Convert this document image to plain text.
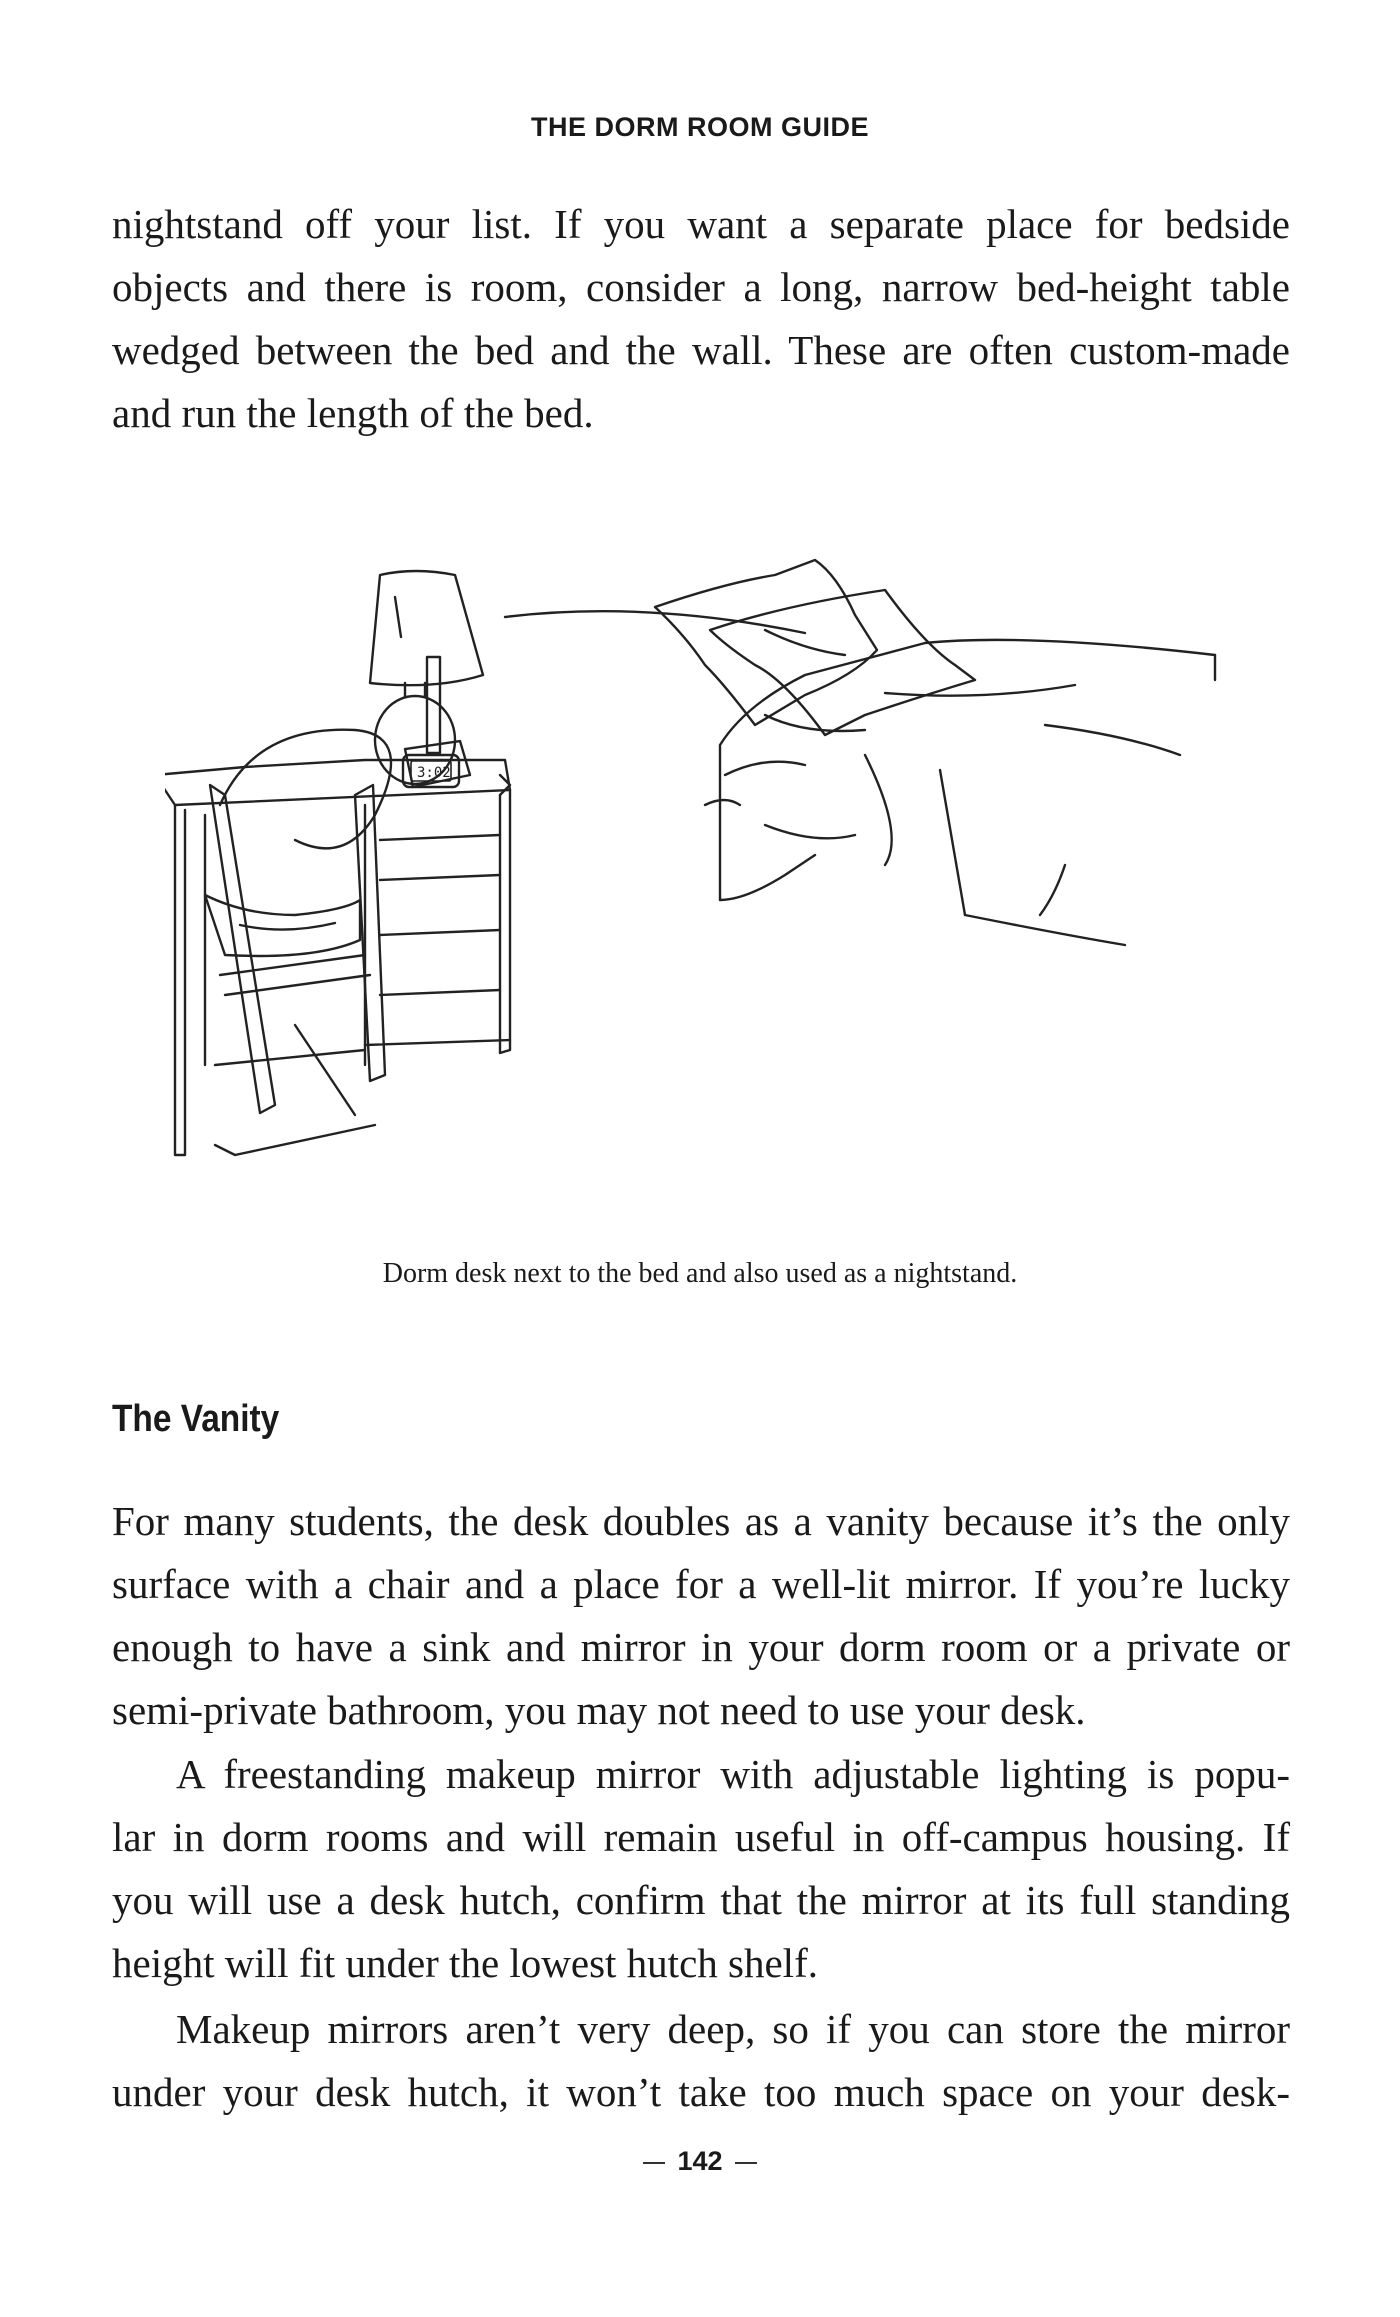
THE DORM ROOM GUIDE
nightstand off your list. If you want a separate place for bedside
objects and there is room, consider a long, narrow bed-height table
wedged between the bed and the wall. These are often custom-made
and run the length of the bed.
3:02
Dorm desk next to the bed and also used as a nightstand.
The Vanity
For many students, the desk doubles as a vanity because it’s the only
surface with a chair and a place for a well-lit mirror. If you’re lucky
enough to have a sink and mirror in your dorm room or a private or
semi-private bathroom, you may not need to use your desk.
A freestanding makeup mirror with adjustable lighting is popu-
lar in dorm rooms and will remain useful in off-campus housing. If
you will use a desk hutch, confirm that the mirror at its full standing
height will fit under the lowest hutch shelf.
Makeup mirrors aren’t very deep, so if you can store the mirror
under your desk hutch, it won’t take too much space on your desk-
142
